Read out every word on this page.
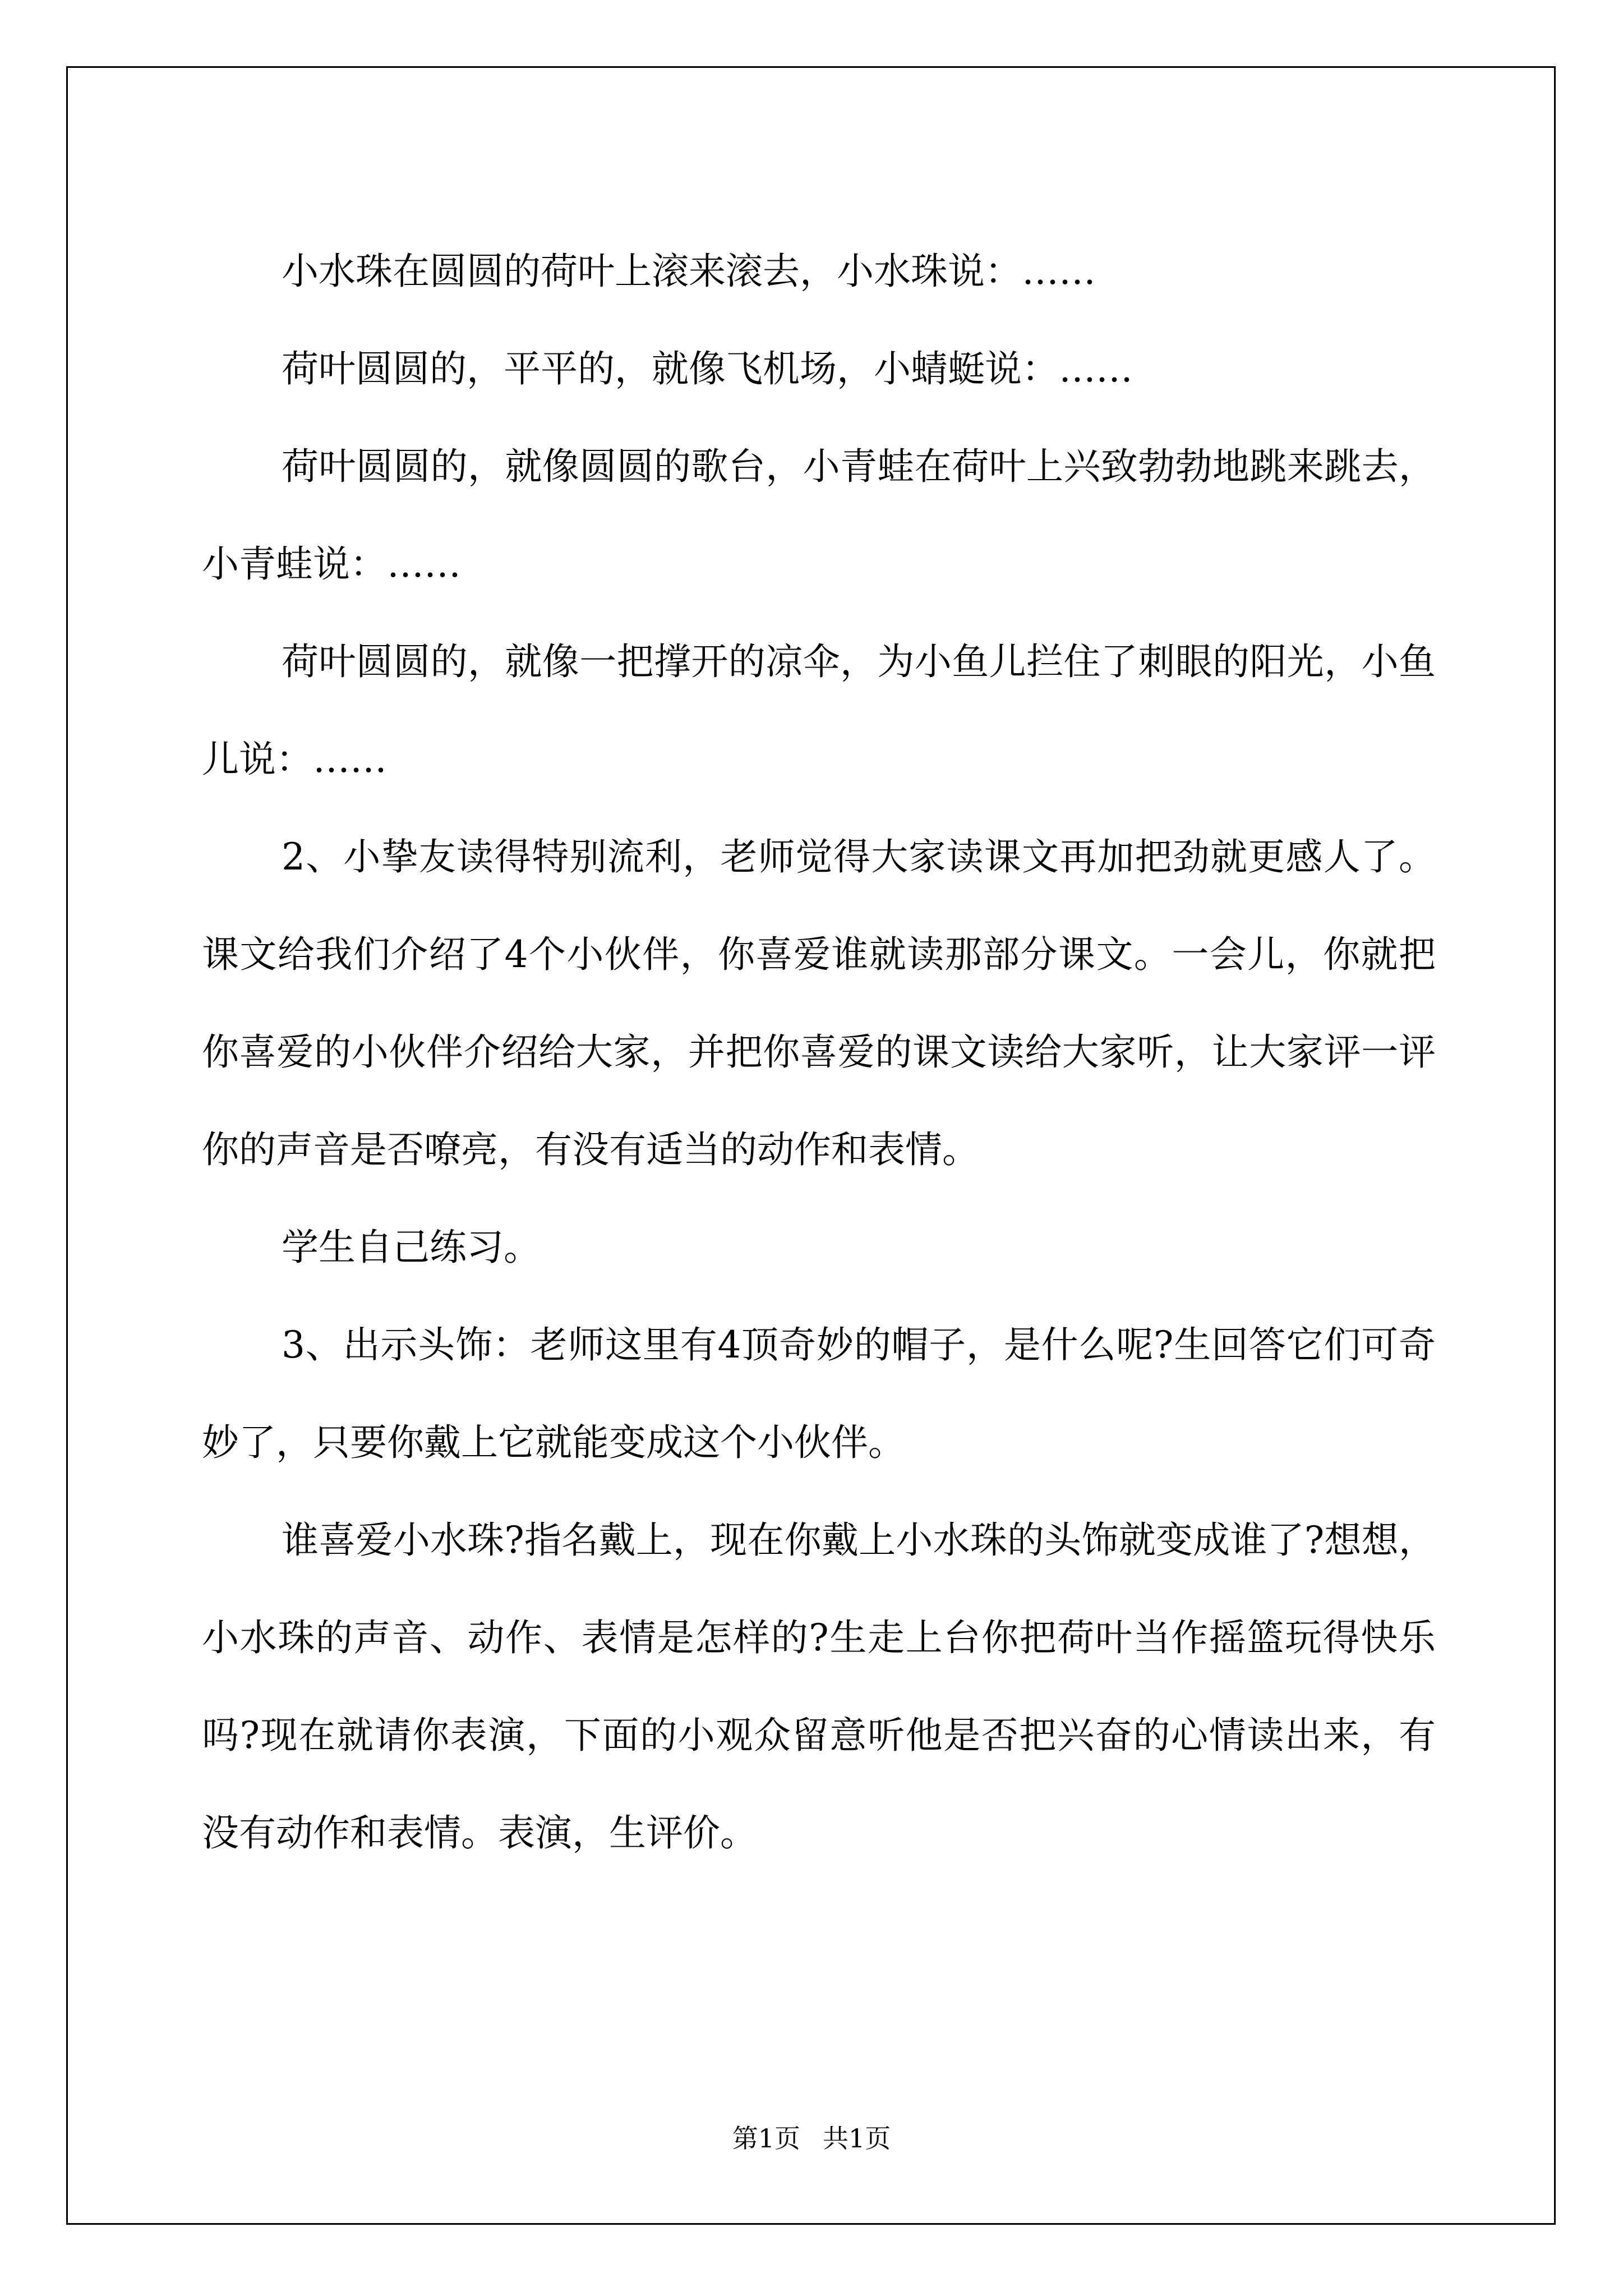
小水珠在圆圆的荷叶上滚来滚去，小水珠说：……

荷叶圆圆的，平平的，就像飞机场，小蜻蜓说：……

荷叶圆圆的，就像圆圆的歌台，小青蛙在荷叶上兴致勃勃地跳来跳去，小青蛙说：……

荷叶圆圆的，就像一把撑开的凉伞，为小鱼儿拦住了刺眼的阳光，小鱼儿说：……

2、小挚友读得特别流利，老师觉得大家读课文再加把劲就更感人了。课文给我们介绍了4个小伙伴，你喜爱谁就读那部分课文。一会儿，你就把你喜爱的小伙伴介绍给大家，并把你喜爱的课文读给大家听，让大家评一评你的声音是否嘹亮，有没有适当的动作和表情。

学生自己练习。

3、出示头饰：老师这里有4顶奇妙的帽子，是什么呢?生回答它们可奇妙了，只要你戴上它就能变成这个小伙伴。

谁喜爱小水珠?指名戴上，现在你戴上小水珠的头饰就变成谁了?想想，小水珠的声音、动作、表情是怎样的?生走上台你把荷叶当作摇篮玩得快乐吗?现在就请你表演，下面的小观众留意听他是否把兴奋的心情读出来，有没有动作和表情。表演，生评价。

第1页 共1页
